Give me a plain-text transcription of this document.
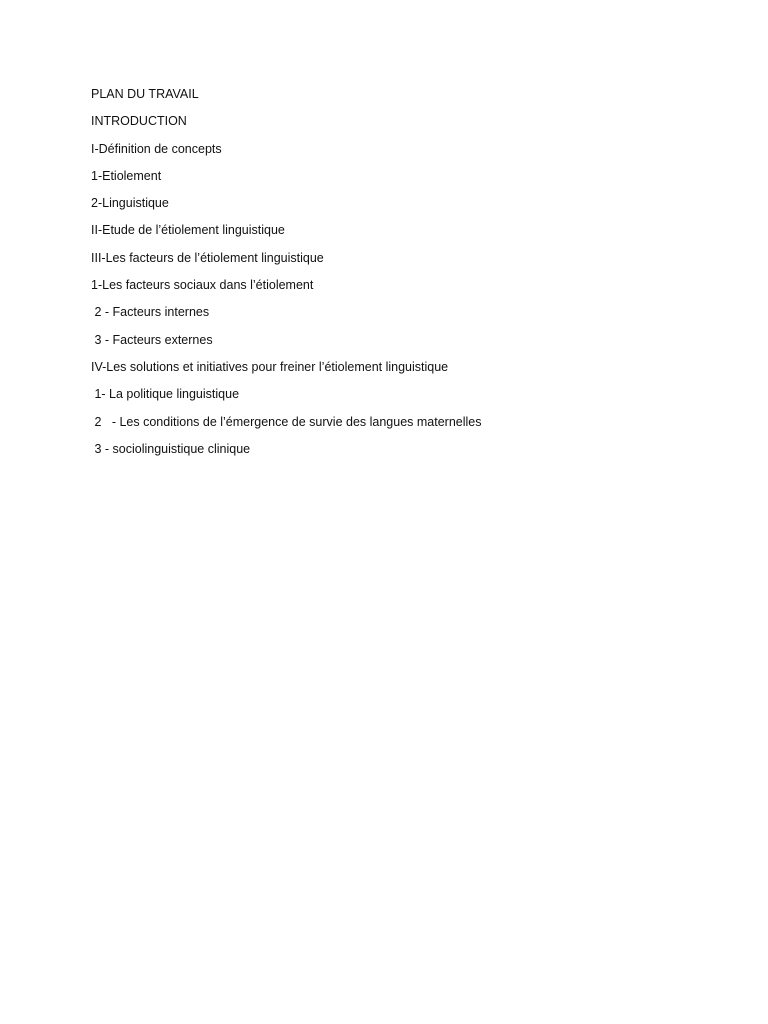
PLAN DU TRAVAIL
INTRODUCTION
I-Définition de concepts
1-Etiolement
2-Linguistique
II-Etude de l’étiolement linguistique
III-Les facteurs de l’étiolement linguistique
1-Les facteurs sociaux dans l’étiolement
2 - Facteurs internes
3 - Facteurs externes
IV-Les solutions et initiatives pour freiner l’étiolement linguistique
1- La politique linguistique
2   - Les conditions de l’émergence de survie des langues maternelles
3 - sociolinguistique clinique
